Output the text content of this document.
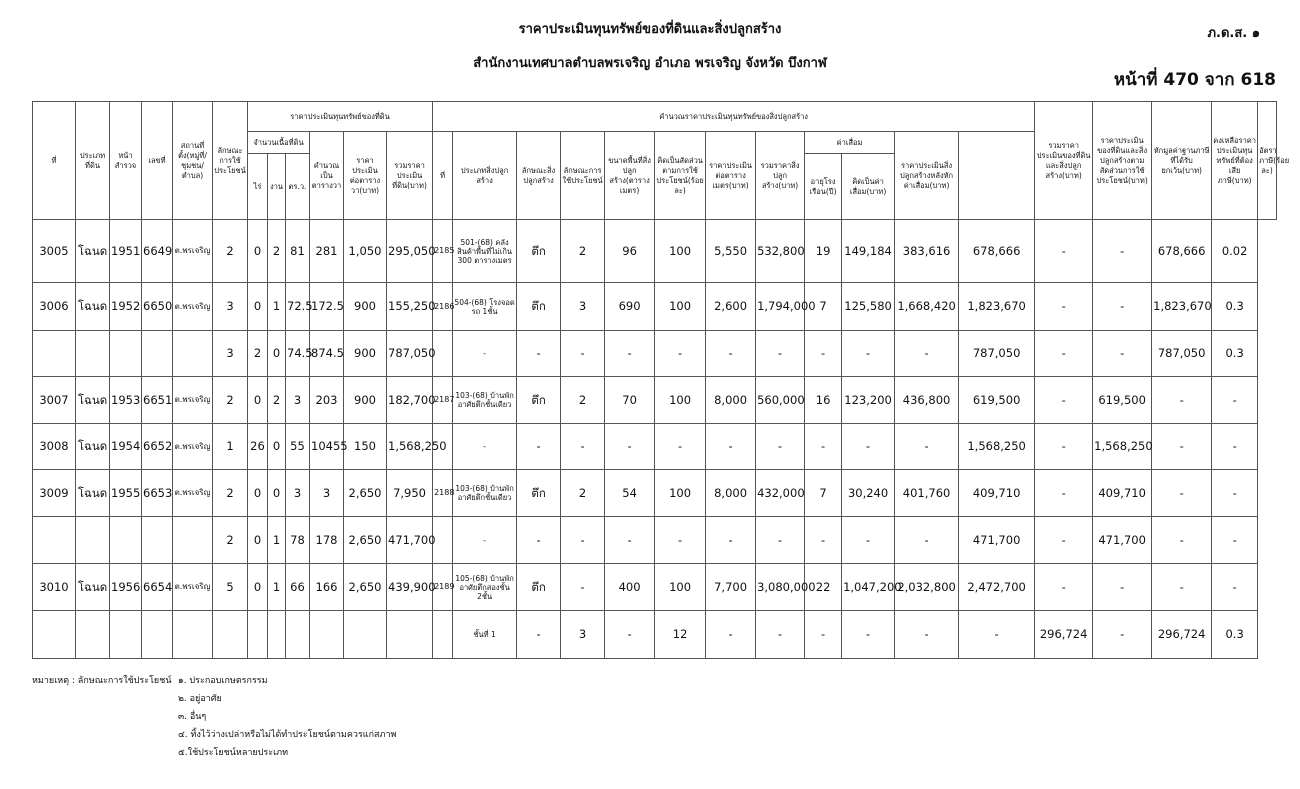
ราคาประเมินทุนทรัพย์ของที่ดินและสิ่งปลูกสร้าง
สำนักงานเทศบาลตำบลพรเจริญ อำเภอ พรเจริญ จังหวัด บึงกาฬ
ภ.ด.ส. ๑
หน้าที่ 470 จาก 618
ที่	ประเภทที่ดิน	หน้าสำรวจ	เลขที่	สถานที่ตั้ง(หมู่ที่/ชุมชน/ตำบล)	ลักษณะการใช้ประโยชน์	ราคาประเมินทุนทรัพย์ของที่ดิน						คำนวณราคาประเมินทุนทรัพย์ของสิ่งปลูกสร้าง												รวมราคาประเมินของที่ดินและสิ่งปลูกสร้าง(บาท)	ราคาประเมินของที่ดินและสิ่งปลูกสร้างตามสัดส่วนการใช้ประโยชน์(บาท)	หักมูลค่าฐานภาษีที่ได้รับยกเว้น(บาท)	คงเหลือราคาประเมินทุนทรัพย์ที่ต้องเสียภาษี(บาท)	อัตราภาษี(ร้อยละ)
						จำนวนเนื้อที่ดิน			คำนวณเป็นตารางวา	ราคาประเมินต่อตารางวา(บาท)	รวมราคาประเมินที่ดิน(บาท)	ที่	ประเภทสิ่งปลูกสร้าง	ลักษณะสิ่งปลูกสร้าง	ลักษณะการใช้ประโยชน์	ขนาดพื้นที่สิ่งปลูกสร้าง(ตารางเมตร)	คิดเป็นสัดส่วนตามการใช้ประโยชน์(ร้อยละ)	ราคาประเมินต่อตารางเมตร(บาท)	รวมราคาสิ่งปลูกสร้าง(บาท)	ค่าเสื่อม		ราคาประเมินสิ่งปลูกสร้างหลังหักค่าเสื่อม(บาท)						
						ไร่	งาน	ตร.ว.												อายุโรงเรือน(ปี)	คิดเป็นค่าเสื่อม(บาท)							

3005	โฉนด	1951	6649	ต.พรเจริญ	2	0	2	81	281	1,050	295,050	2185	501-(68) คลังสินค้าพื้นที่ไม่เกิน 300 ตารางเมตร	ตึก	2	96	100	5,550	532,800	19	149,184	383,616	678,666	-	-	678,666	0.02	
3006	โฉนด	1952	6650	ต.พรเจริญ	3	0	1	72.5	172.5	900	155,250	2186	504-(68) โรงจอดรถ 1ชั้น	ตึก	3	690	100	2,600	1,794,000	7	125,580	1,668,420	1,823,670	-	-	1,823,670	0.3	
					3	2	0	74.5	874.5	900	787,050		-	-	-	-	-	-	-	-	-	-	787,050	-	-	787,050	0.3	
3007	โฉนด	1953	6651	ต.พรเจริญ	2	0	2	3	203	900	182,700	2187	103-(68) บ้านพักอาศัยตึกชั้นเดียว	ตึก	2	70	100	8,000	560,000	16	123,200	436,800	619,500	-	619,500	-	-	
3008	โฉนด	1954	6652	ต.พรเจริญ	1	26	0	55	10455	150	1,568,250		-	-	-	-	-	-	-	-	-	-	1,568,250	-	1,568,250	-	-	
3009	โฉนด	1955	6653	ต.พรเจริญ	2	0	0	3	3	2,650	7,950	2188	103-(68) บ้านพักอาศัยตึกชั้นเดียว	ตึก	2	54	100	8,000	432,000	7	30,240	401,760	409,710	-	409,710	-	-	
					2	0	1	78	178	2,650	471,700		-	-	-	-	-	-	-	-	-	-	471,700	-	471,700	-	-	
3010	โฉนด	1956	6654	ต.พรเจริญ	5	0	1	66	166	2,650	439,900	2189	105-(68) บ้านพักอาศัยตึกสองชั้น 2ชั้น	ตึก	-	400	100	7,700	3,080,000	22	1,047,200	2,032,800	2,472,700	-	-	-	-	
													ชั้นที่ 1	-	3	-	12	-	-	-	-	-	-	296,724	-	296,724	0.3	
หมายเหตุ : ลักษณะการใช้ประโยชน์ ๑. ประกอบเกษตรกรรม
๒. อยู่อาศัย
๓. อื่นๆ
๔. ทิ้งไว้ว่างเปล่าหรือไม่ได้ทำประโยชน์ตามควรแก่สภาพ
๕.ใช้ประโยชน์หลายประเภท
